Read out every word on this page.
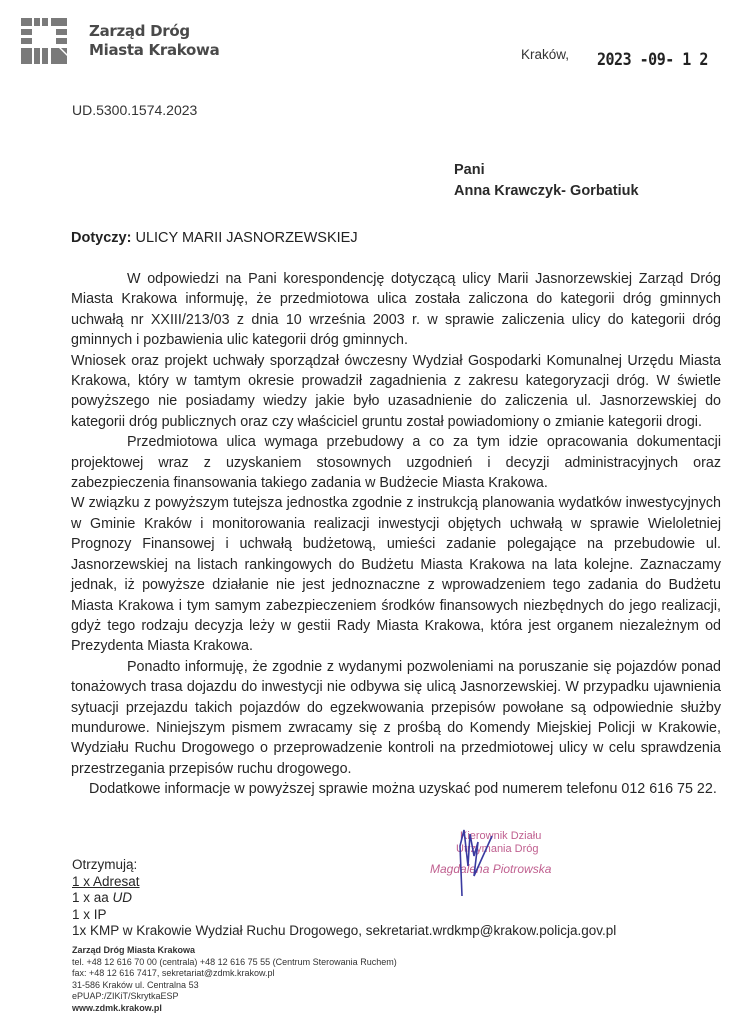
Zarząd Dróg
Miasta Krakowa
UD.5300.1574.2023
Kraków, 2023 -09- 1 2
Pani
Anna Krawczyk- Gorbatiuk
Dotyczy: ULICY MARII JASNORZEWSKIEJ

W odpowiedzi na Pani korespondencję dotyczącą ulicy Marii Jasnorzewskiej Zarząd Dróg Miasta Krakowa informuję, że przedmiotowa ulica została zaliczona do kategorii dróg gminnych uchwałą nr XXIII/213/03 z dnia 10 września 2003 r. w sprawie zaliczenia ulicy do kategorii dróg gminnych i pozbawienia ulic kategorii dróg gminnych.

Wniosek oraz projekt uchwały sporządzał ówczesny Wydział Gospodarki Komunalnej Urzędu Miasta Krakowa, który w tamtym okresie prowadził zagadnienia z zakresu kategoryzacji dróg. W świetle powyższego nie posiadamy wiedzy jakie było uzasadnienie do zaliczenia ul. Jasnorzewskiej do kategorii dróg publicznych oraz czy właściciel gruntu został powiadomiony o zmianie kategorii drogi.

Przedmiotowa ulica wymaga przebudowy a co za tym idzie opracowania dokumentacji projektowej wraz z uzyskaniem stosownych uzgodnień i decyzji administracyjnych oraz zabezpieczenia finansowania takiego zadania w Budżecie Miasta Krakowa.

W związku z powyższym tutejsza jednostka zgodnie z instrukcją planowania wydatków inwestycyjnych w Gminie Kraków i monitorowania realizacji inwestycji objętych uchwałą w sprawie Wieloletniej Prognozy Finansowej i uchwałą budżetową, umieści zadanie polegające na przebudowie ul. Jasnorzewskiej na listach rankingowych do Budżetu Miasta Krakowa na lata kolejne. Zaznaczamy jednak, iż powyższe działanie nie jest jednoznaczne z wprowadzeniem tego zadania do Budżetu Miasta Krakowa i tym samym zabezpieczeniem środków finansowych niezbędnych do jego realizacji, gdyż tego rodzaju decyzja leży w gestii Rady Miasta Krakowa, która jest organem niezależnym od Prezydenta Miasta Krakowa.

Ponadto informuję, że zgodnie z wydanymi pozwoleniami na poruszanie się pojazdów ponad tonażowych trasa dojazdu do inwestycji nie odbywa się ulicą Jasnorzewskiej. W przypadku ujawnienia sytuacji przejazdu takich pojazdów do egzekwowania przepisów powołane są odpowiednie służby mundurowe. Niniejszym pismem zwracamy się z prośbą do Komendy Miejskiej Policji w Krakowie, Wydziału Ruchu Drogowego o przeprowadzenie kontroli na przedmiotowej ulicy w celu sprawdzenia przestrzegania przepisów ruchu drogowego.

Dodatkowe informacje w powyższej sprawie można uzyskać pod numerem telefonu 012 616 75 22.

Kierownik Działu
Utrzymania Dróg
Magdalena Piotrowska
Otrzymują:
1 x Adresat
1 x aa UD
1 x IP
1x KMP w Krakowie Wydział Ruchu Drogowego, sekretariat.wrdkmp@krakow.policja.gov.pl
Zarząd Dróg Miasta Krakowa
tel. +48 12 616 70 00 (centrala) +48 12 616 75 55 (Centrum Sterowania Ruchem)
fax: +48 12 616 7417, sekretariat@zdmk.krakow.pl
31-586 Kraków ul. Centralna 53
ePUAP:/ZIKiT/SkrytkaESP
www.zdmk.krakow.pl
